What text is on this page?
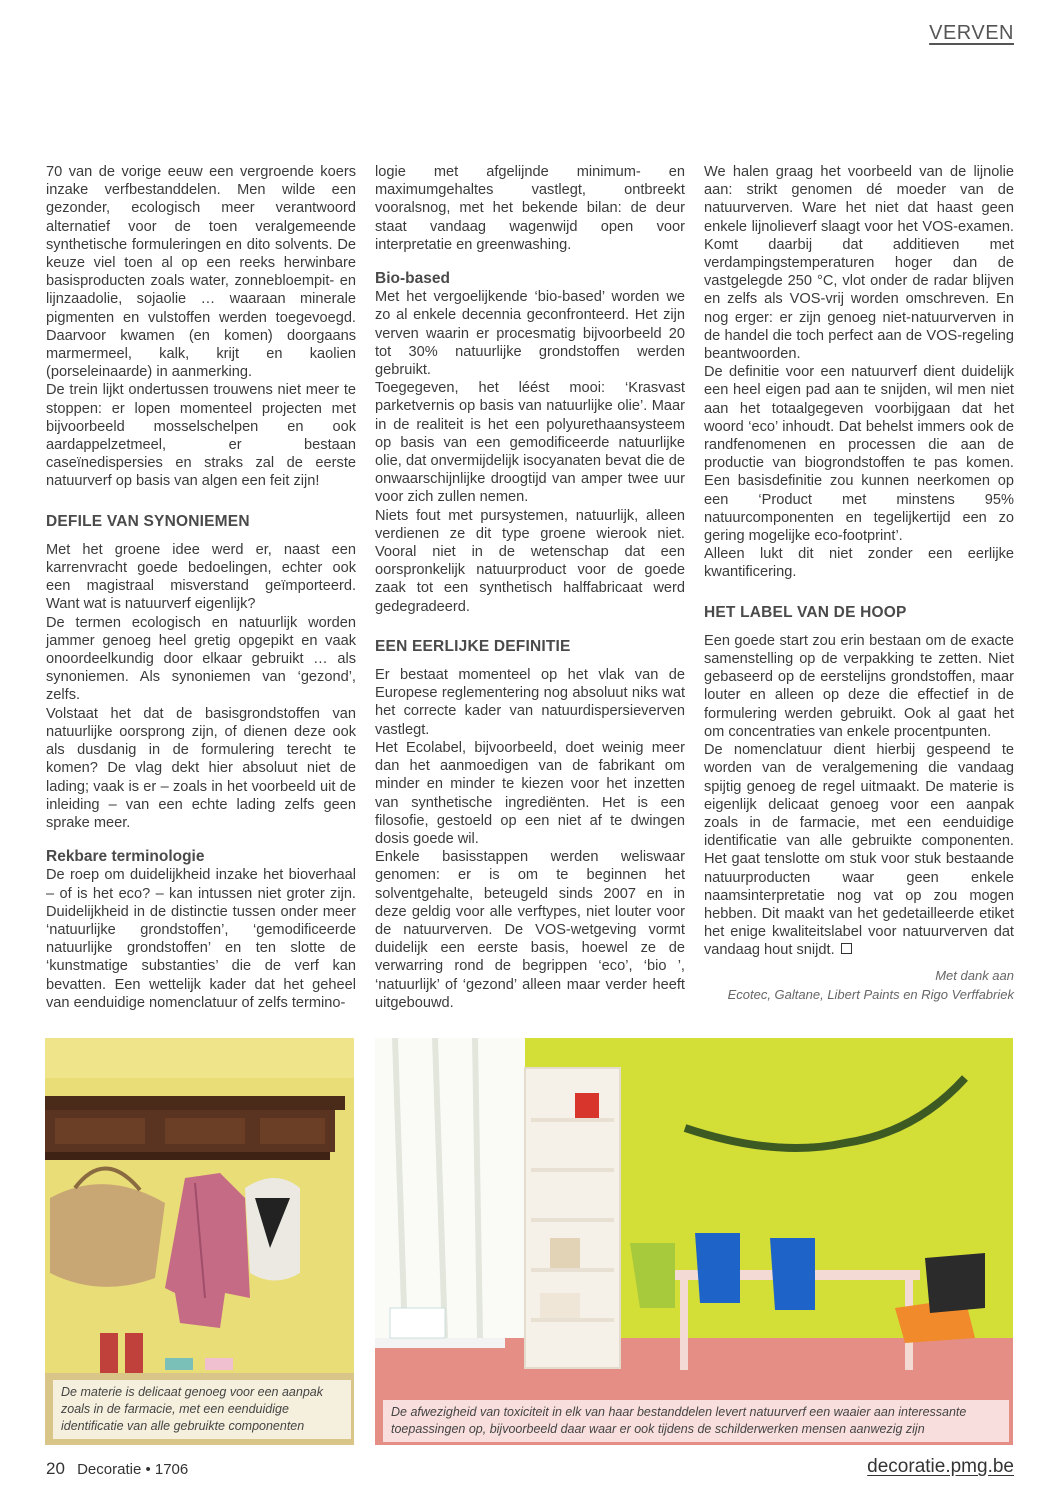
VERVEN

70 van de vorige eeuw een vergroende koers inzake verfbestanddelen. Men wilde een gezonder, ecologisch meer verantwoord alternatief voor de toen veralgemeende synthetische formuleringen en dito solvents. De keuze viel toen al op een reeks herwinbare basisproducten zoals water, zonnebloempit- en lijnzaadolie, sojaolie … waaraan minerale pigmenten en vulstoffen werden toegevoegd. Daarvoor kwamen (en komen) doorgaans marmermeel, kalk, krijt en kaolien (porseleinaarde) in aanmerking.

De trein lijkt ondertussen trouwens niet meer te stoppen: er lopen momenteel projecten met bijvoorbeeld mosselschelpen en ook aardappelzetmeel, er bestaan caseïnedispersies en straks zal de eerste natuurverf op basis van algen een feit zijn!

DEFILE VAN SYNONIEMEN

Met het groene idee werd er, naast een karrenvracht goede bedoelingen, echter ook een magistraal misverstand geïmporteerd. Want wat is natuurverf eigenlijk?

De termen ecologisch en natuurlijk worden jammer genoeg heel gretig opgepikt en vaak onoordeelkundig door elkaar gebruikt … als synoniemen. Als synoniemen van ‘gezond’, zelfs.

Volstaat het dat de basisgrondstoffen van natuurlijke oorsprong zijn, of dienen deze ook als dusdanig in de formulering terecht te komen? De vlag dekt hier absoluut niet de lading; vaak is er – zoals in het voorbeeld uit de inleiding – van een echte lading zelfs geen sprake meer.

Rekbare terminologie

De roep om duidelijkheid inzake het bioverhaal – of is het eco? – kan intussen niet groter zijn. Duidelijkheid in de distinctie tussen onder meer ‘natuurlijke grondstoffen’, ‘gemodificeerde natuurlijke grondstoffen’ en ten slotte de ‘kunstmatige substanties’ die de verf kan bevatten. Een wettelijk kader dat het geheel van eenduidige nomenclatuur of zelfs termino-

logie met afgelijnde minimum- en maximumgehaltes vastlegt, ontbreekt vooralsnog, met het bekende bilan: de deur staat vandaag wagenwijd open voor interpretatie en greenwashing.

Bio-based

Met het vergoelijkende ‘bio-based’ worden we zo al enkele decennia geconfronteerd. Het zijn verven waarin er procesmatig bijvoorbeeld 20 tot 30% natuurlijke grondstoffen werden gebruikt.

Toegegeven, het léést mooi: ‘Krasvast parketvernis op basis van natuurlijke olie’. Maar in de realiteit is het een polyurethaansysteem op basis van een gemodificeerde natuurlijke olie, dat onvermijdelijk isocyanaten bevat die de onwaarschijnlijke droogtijd van amper twee uur voor zich zullen nemen.

Niets fout met pursystemen, natuurlijk, alleen verdienen ze dit type groene wierook niet. Vooral niet in de wetenschap dat een oorspronkelijk natuurproduct voor de goede zaak tot een synthetisch halffabricaat werd gedegradeerd.

EEN EERLIJKE DEFINITIE

Er bestaat momenteel op het vlak van de Europese reglementering nog absoluut niks wat het correcte kader van natuurdispersieverven vastlegt.

Het Ecolabel, bijvoorbeeld, doet weinig meer dan het aanmoedigen van de fabrikant om minder en minder te kiezen voor het inzetten van synthetische ingrediënten. Het is een filosofie, gestoeld op een niet af te dwingen dosis goede wil.

Enkele basisstappen werden weliswaar genomen: er is om te beginnen het solventgehalte, beteugeld sinds 2007 en in deze geldig voor alle verftypes, niet louter voor de natuurverven. De VOS-wetgeving vormt duidelijk een eerste basis, hoewel ze de verwarring rond de begrippen ‘eco’, ‘bio ’, ‘natuurlijk’ of ‘gezond’ alleen maar verder heeft uitgebouwd.

We halen graag het voorbeeld van de lijnolie aan: strikt genomen dé moeder van de natuurverven. Ware het niet dat haast geen enkele lijnolieverf slaagt voor het VOS-examen. Komt daarbij dat additieven met verdampingstemperaturen hoger dan de vastgelegde 250 °C, vlot onder de radar blijven en zelfs als VOS-vrij worden omschreven. En nog erger: er zijn genoeg niet-natuurverven in de handel die toch perfect aan de VOS-regeling beantwoorden.

De definitie voor een natuurverf dient duidelijk een heel eigen pad aan te snijden, wil men niet aan het totaalgegeven voorbijgaan dat het woord ‘eco’ inhoudt. Dat behelst immers ook de randfenomenen en processen die aan de productie van biogrondstoffen te pas komen. Een basisdefinitie zou kunnen neerkomen op een ‘Product met minstens 95% natuurcomponenten en tegelijkertijd een zo gering mogelijke eco-footprint’.

Alleen lukt dit niet zonder een eerlijke kwantificering.

HET LABEL VAN DE HOOP

Een goede start zou erin bestaan om de exacte samenstelling op de verpakking te zetten. Niet gebaseerd op de eerstelijns grondstoffen, maar louter en alleen op deze die effectief in de formulering werden gebruikt. Ook al gaat het om concentraties van enkele procentpunten.

De nomenclatuur dient hierbij gespeend te worden van de veralgemening die vandaag spijtig genoeg de regel uitmaakt. De materie is eigenlijk delicaat genoeg voor een aanpak zoals in de farmacie, met een eenduidige identificatie van alle gebruikte componenten. Het gaat tenslotte om stuk voor stuk bestaande natuurproducten waar geen enkele naamsinterpretatie nog vat op zou mogen hebben. Dit maakt van het gedetailleerde etiket het enige kwaliteitslabel voor natuurverven dat vandaag hout snijdt.

Met dank aan
Ecotec, Galtane, Libert Paints en Rigo Verffabriek
De materie is delicaat genoeg voor een aanpak zoals in de farmacie, met een eenduidige identificatie van alle gebruikte componenten
De afwezigheid van toxiciteit in elk van haar bestanddelen levert natuurverf een waaier aan interessante toepassingen op, bijvoorbeeld daar waar er ook tijdens de schilderwerken mensen aanwezig zijn
20 Decoratie • 1706	decoratie.pmg.be
